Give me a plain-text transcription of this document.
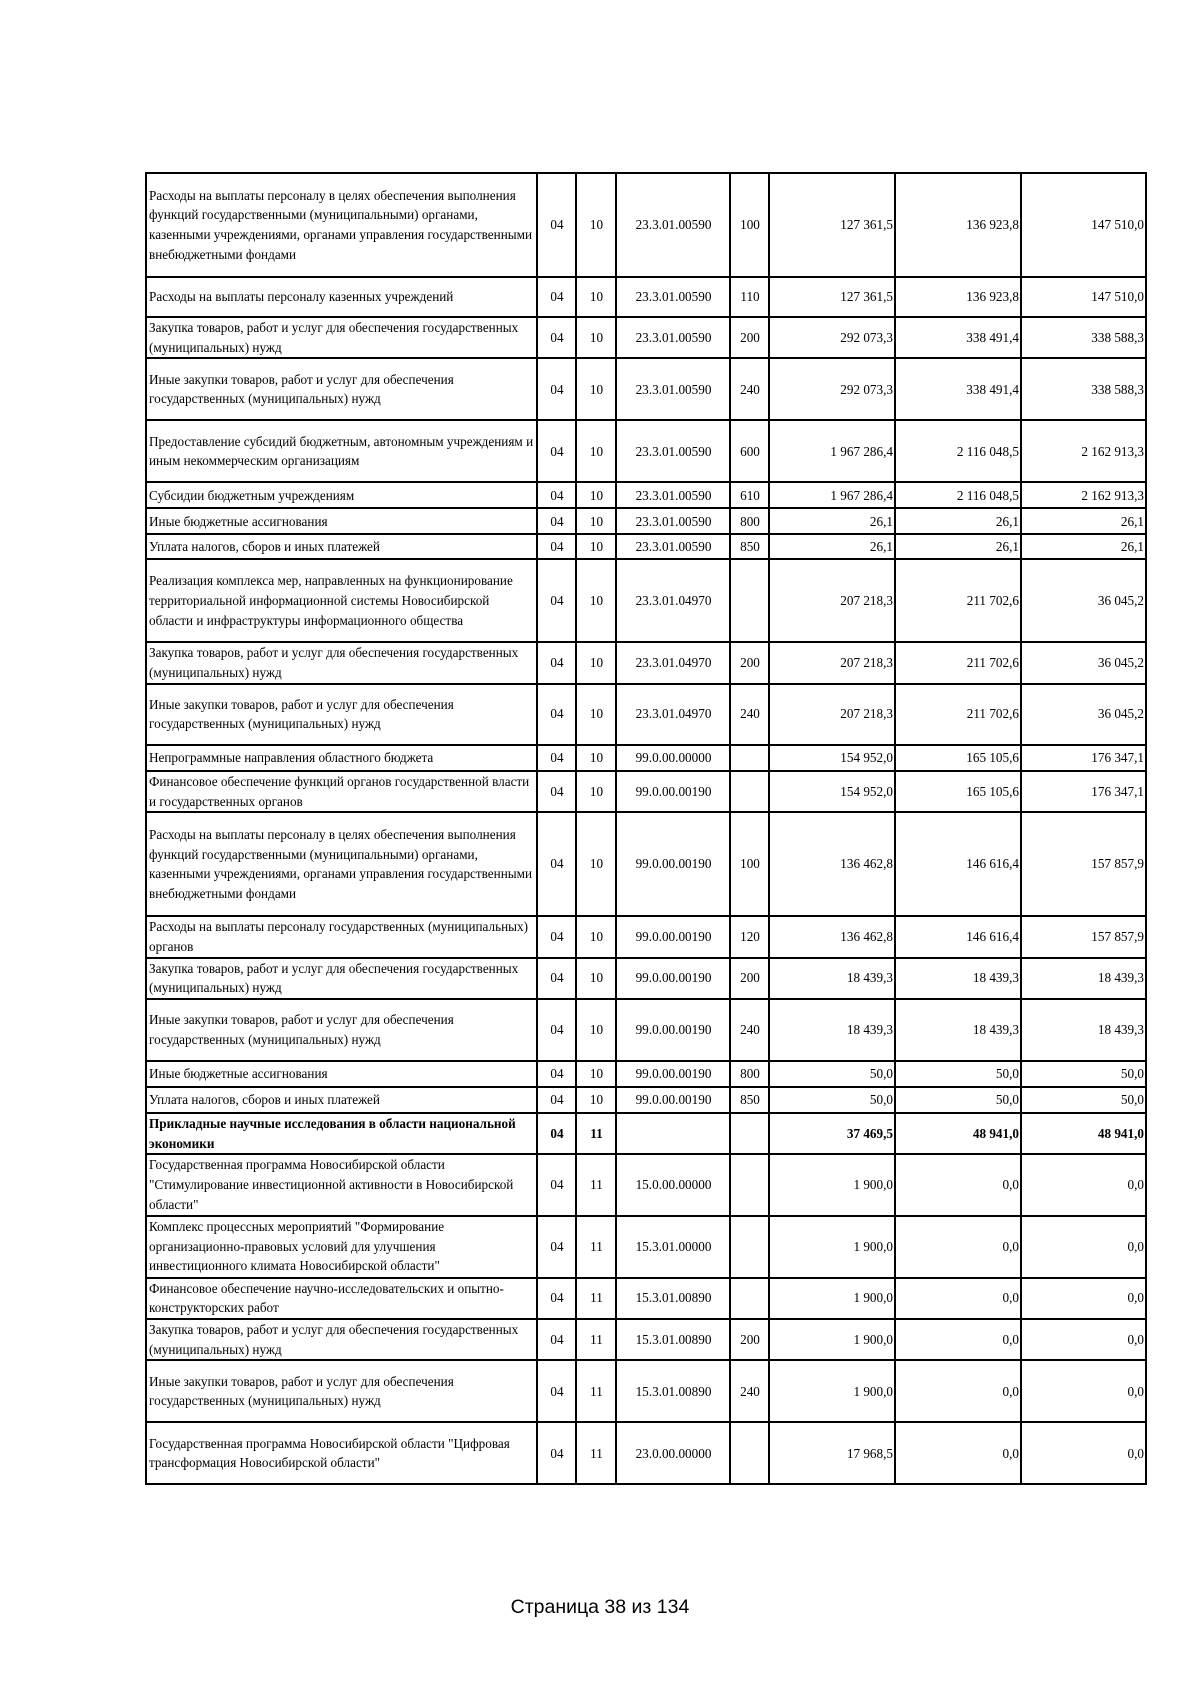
Расходы на выплаты персоналу в целях обеспечения выполнения функций государственными (муниципальными) органами, казенными учреждениями, органами управления государственными внебюджетными фондами	04	10	23.3.01.00590	100	127 361,5	136 923,8	147 510,0
Расходы на выплаты персоналу казенных учреждений	04	10	23.3.01.00590	110	127 361,5	136 923,8	147 510,0
Закупка товаров, работ и услуг для обеспечения государственных (муниципальных) нужд	04	10	23.3.01.00590	200	292 073,3	338 491,4	338 588,3
Иные закупки товаров, работ и услуг для обеспечения государственных (муниципальных) нужд	04	10	23.3.01.00590	240	292 073,3	338 491,4	338 588,3
Предоставление субсидий бюджетным, автономным учреждениям и иным некоммерческим организациям	04	10	23.3.01.00590	600	1 967 286,4	2 116 048,5	2 162 913,3
Субсидии бюджетным учреждениям	04	10	23.3.01.00590	610	1 967 286,4	2 116 048,5	2 162 913,3
Иные бюджетные ассигнования	04	10	23.3.01.00590	800	26,1	26,1	26,1
Уплата налогов, сборов и иных платежей	04	10	23.3.01.00590	850	26,1	26,1	26,1
Реализация комплекса мер, направленных на функционирование территориальной информационной системы Новосибирской области и инфраструктуры информационного общества	04	10	23.3.01.04970		207 218,3	211 702,6	36 045,2
Закупка товаров, работ и услуг для обеспечения государственных (муниципальных) нужд	04	10	23.3.01.04970	200	207 218,3	211 702,6	36 045,2
Иные закупки товаров, работ и услуг для обеспечения государственных (муниципальных) нужд	04	10	23.3.01.04970	240	207 218,3	211 702,6	36 045,2
Непрограммные направления областного бюджета	04	10	99.0.00.00000		154 952,0	165 105,6	176 347,1
Финансовое обеспечение функций органов государственной власти и государственных органов	04	10	99.0.00.00190		154 952,0	165 105,6	176 347,1
Расходы на выплаты персоналу в целях обеспечения выполнения функций государственными (муниципальными) органами, казенными учреждениями, органами управления государственными внебюджетными фондами	04	10	99.0.00.00190	100	136 462,8	146 616,4	157 857,9
Расходы на выплаты персоналу государственных (муниципальных) органов	04	10	99.0.00.00190	120	136 462,8	146 616,4	157 857,9
Закупка товаров, работ и услуг для обеспечения государственных (муниципальных) нужд	04	10	99.0.00.00190	200	18 439,3	18 439,3	18 439,3
Иные закупки товаров, работ и услуг для обеспечения государственных (муниципальных) нужд	04	10	99.0.00.00190	240	18 439,3	18 439,3	18 439,3
Иные бюджетные ассигнования	04	10	99.0.00.00190	800	50,0	50,0	50,0
Уплата налогов, сборов и иных платежей	04	10	99.0.00.00190	850	50,0	50,0	50,0
Прикладные научные исследования в области национальной экономики	04	11			37 469,5	48 941,0	48 941,0
Государственная программа Новосибирской области "Стимулирование инвестиционной активности в Новосибирской области"	04	11	15.0.00.00000		1 900,0	0,0	0,0
Комплекс процессных мероприятий "Формирование организационно-правовых условий для улучшения инвестиционного климата Новосибирской области"	04	11	15.3.01.00000		1 900,0	0,0	0,0
Финансовое обеспечение научно-исследовательских и опытно-конструкторских работ	04	11	15.3.01.00890		1 900,0	0,0	0,0
Закупка товаров, работ и услуг для обеспечения государственных (муниципальных) нужд	04	11	15.3.01.00890	200	1 900,0	0,0	0,0
Иные закупки товаров, работ и услуг для обеспечения государственных (муниципальных) нужд	04	11	15.3.01.00890	240	1 900,0	0,0	0,0
Государственная программа Новосибирской области "Цифровая трансформация Новосибирской области"	04	11	23.0.00.00000		17 968,5	0,0	0,0
Страница 38 из 134
